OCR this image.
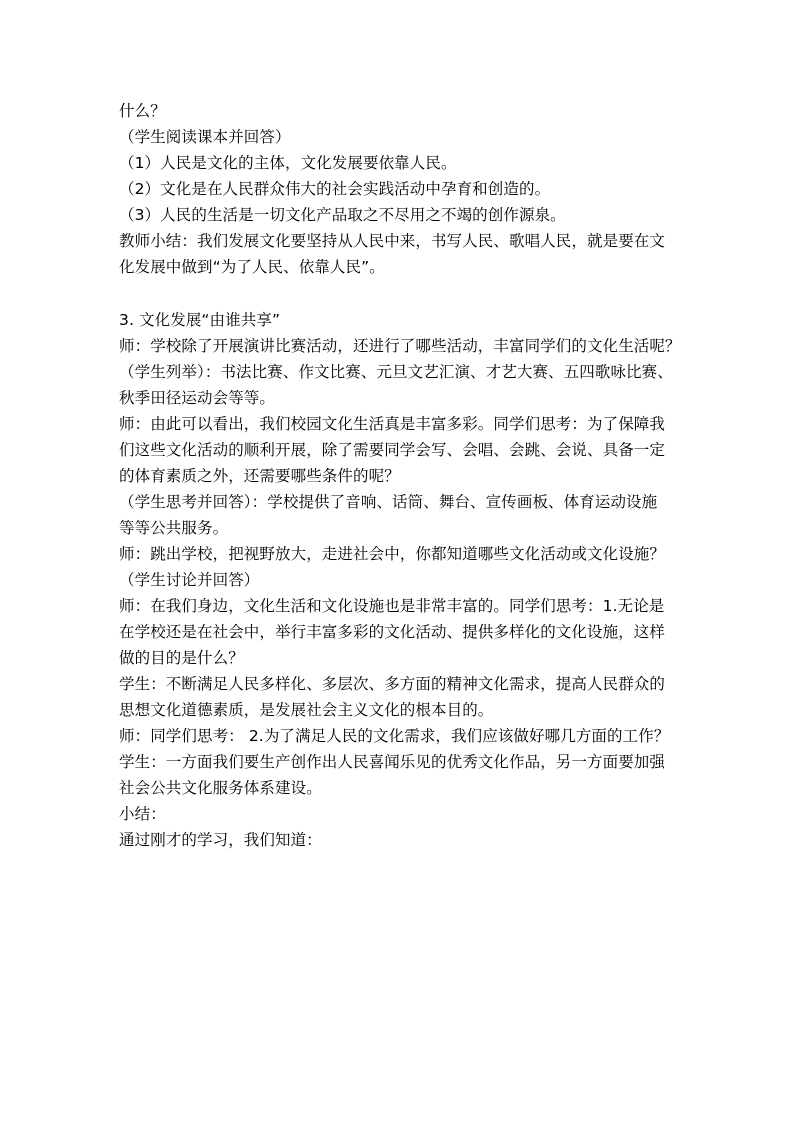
什么？
（学生阅读课本并回答）
（1）人民是文化的主体，文化发展要依靠人民。
（2）文化是在人民群众伟大的社会实践活动中孕育和创造的。
（3）人民的生活是一切文化产品取之不尽用之不竭的创作源泉。
教师小结：我们发展文化要坚持从人民中来，书写人民、歌唱人民，就是要在文
化发展中做到“为了人民、依靠人民”。
3. 文化发展“由谁共享”
师：学校除了开展演讲比赛活动，还进行了哪些活动，丰富同学们的文化生活呢？
（学生列举）：书法比赛、作文比赛、元旦文艺汇演、才艺大赛、五四歌咏比赛、
秋季田径运动会等等。
师：由此可以看出，我们校园文化生活真是丰富多彩。同学们思考：为了保障我
们这些文化活动的顺利开展，除了需要同学会写、会唱、会跳、会说、具备一定
的体育素质之外，还需要哪些条件的呢？
（学生思考并回答）：学校提供了音响、话筒、舞台、宣传画板、体育运动设施
等等公共服务。
师：跳出学校，把视野放大，走进社会中，你都知道哪些文化活动或文化设施？
（学生讨论并回答）
师：在我们身边，文化生活和文化设施也是非常丰富的。同学们思考：1.无论是
在学校还是在社会中，举行丰富多彩的文化活动、提供多样化的文化设施，这样
做的目的是什么？
学生：不断满足人民多样化、多层次、多方面的精神文化需求，提高人民群众的
思想文化道德素质，是发展社会主义文化的根本目的。
师：同学们思考： 2.为了满足人民的文化需求，我们应该做好哪几方面的工作？
学生：一方面我们要生产创作出人民喜闻乐见的优秀文化作品，另一方面要加强
社会公共文化服务体系建设。
小结：
通过刚才的学习，我们知道：
